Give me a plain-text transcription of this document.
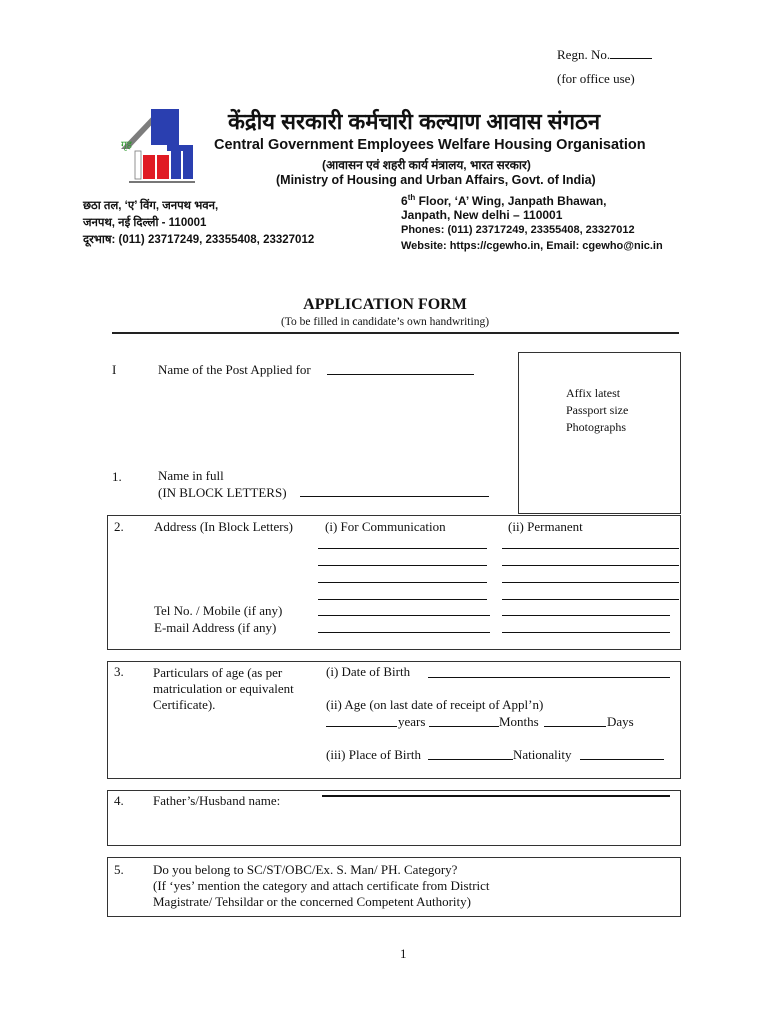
Regn. No.
(for office use)
गृह
केंद्रीय सरकारी कर्मचारी कल्याण आवास संगठन
Central Government Employees Welfare Housing Organisation
(आवासन एवं शहरी कार्य मंत्रालय, भारत सरकार)
(Ministry of Housing and Urban Affairs, Govt. of India)
छठा तल, ‘ए’ विंग, जनपथ भवन,
जनपथ, नई दिल्ली - 110001
दूरभाष: (011) 23717249, 23355408, 23327012
6th Floor, ‘A’ Wing, Janpath Bhawan,
Janpath, New delhi – 110001
Phones: (011) 23717249, 23355408, 23327012
Website: https://cgewho.in, Email: cgewho@nic.in
APPLICATION FORM
(To be filled in candidate’s own handwriting)
Affix latest
Passport size
Photographs
I	Name of the Post Applied for
1.	Name in full
(IN BLOCK LETTERS)
2. Address (In Block Letters) (i) For Communication	(ii) Permanent
Tel No. / Mobile (if any)
E-mail Address (if any)
3. Particulars of age (as per
matriculation or equivalent
Certificate).
(i) Date of Birth
(ii) Age (on last date of receipt of Appl’n)
years	Months	Days
(iii) Place of Birth	Nationality
4. Father’s/Husband name:
5. Do you belong to SC/ST/OBC/Ex. S. Man/ PH. Category?
(If ‘yes’ mention the category and attach certificate from District
Magistrate/ Tehsildar or the concerned Competent Authority)
1
